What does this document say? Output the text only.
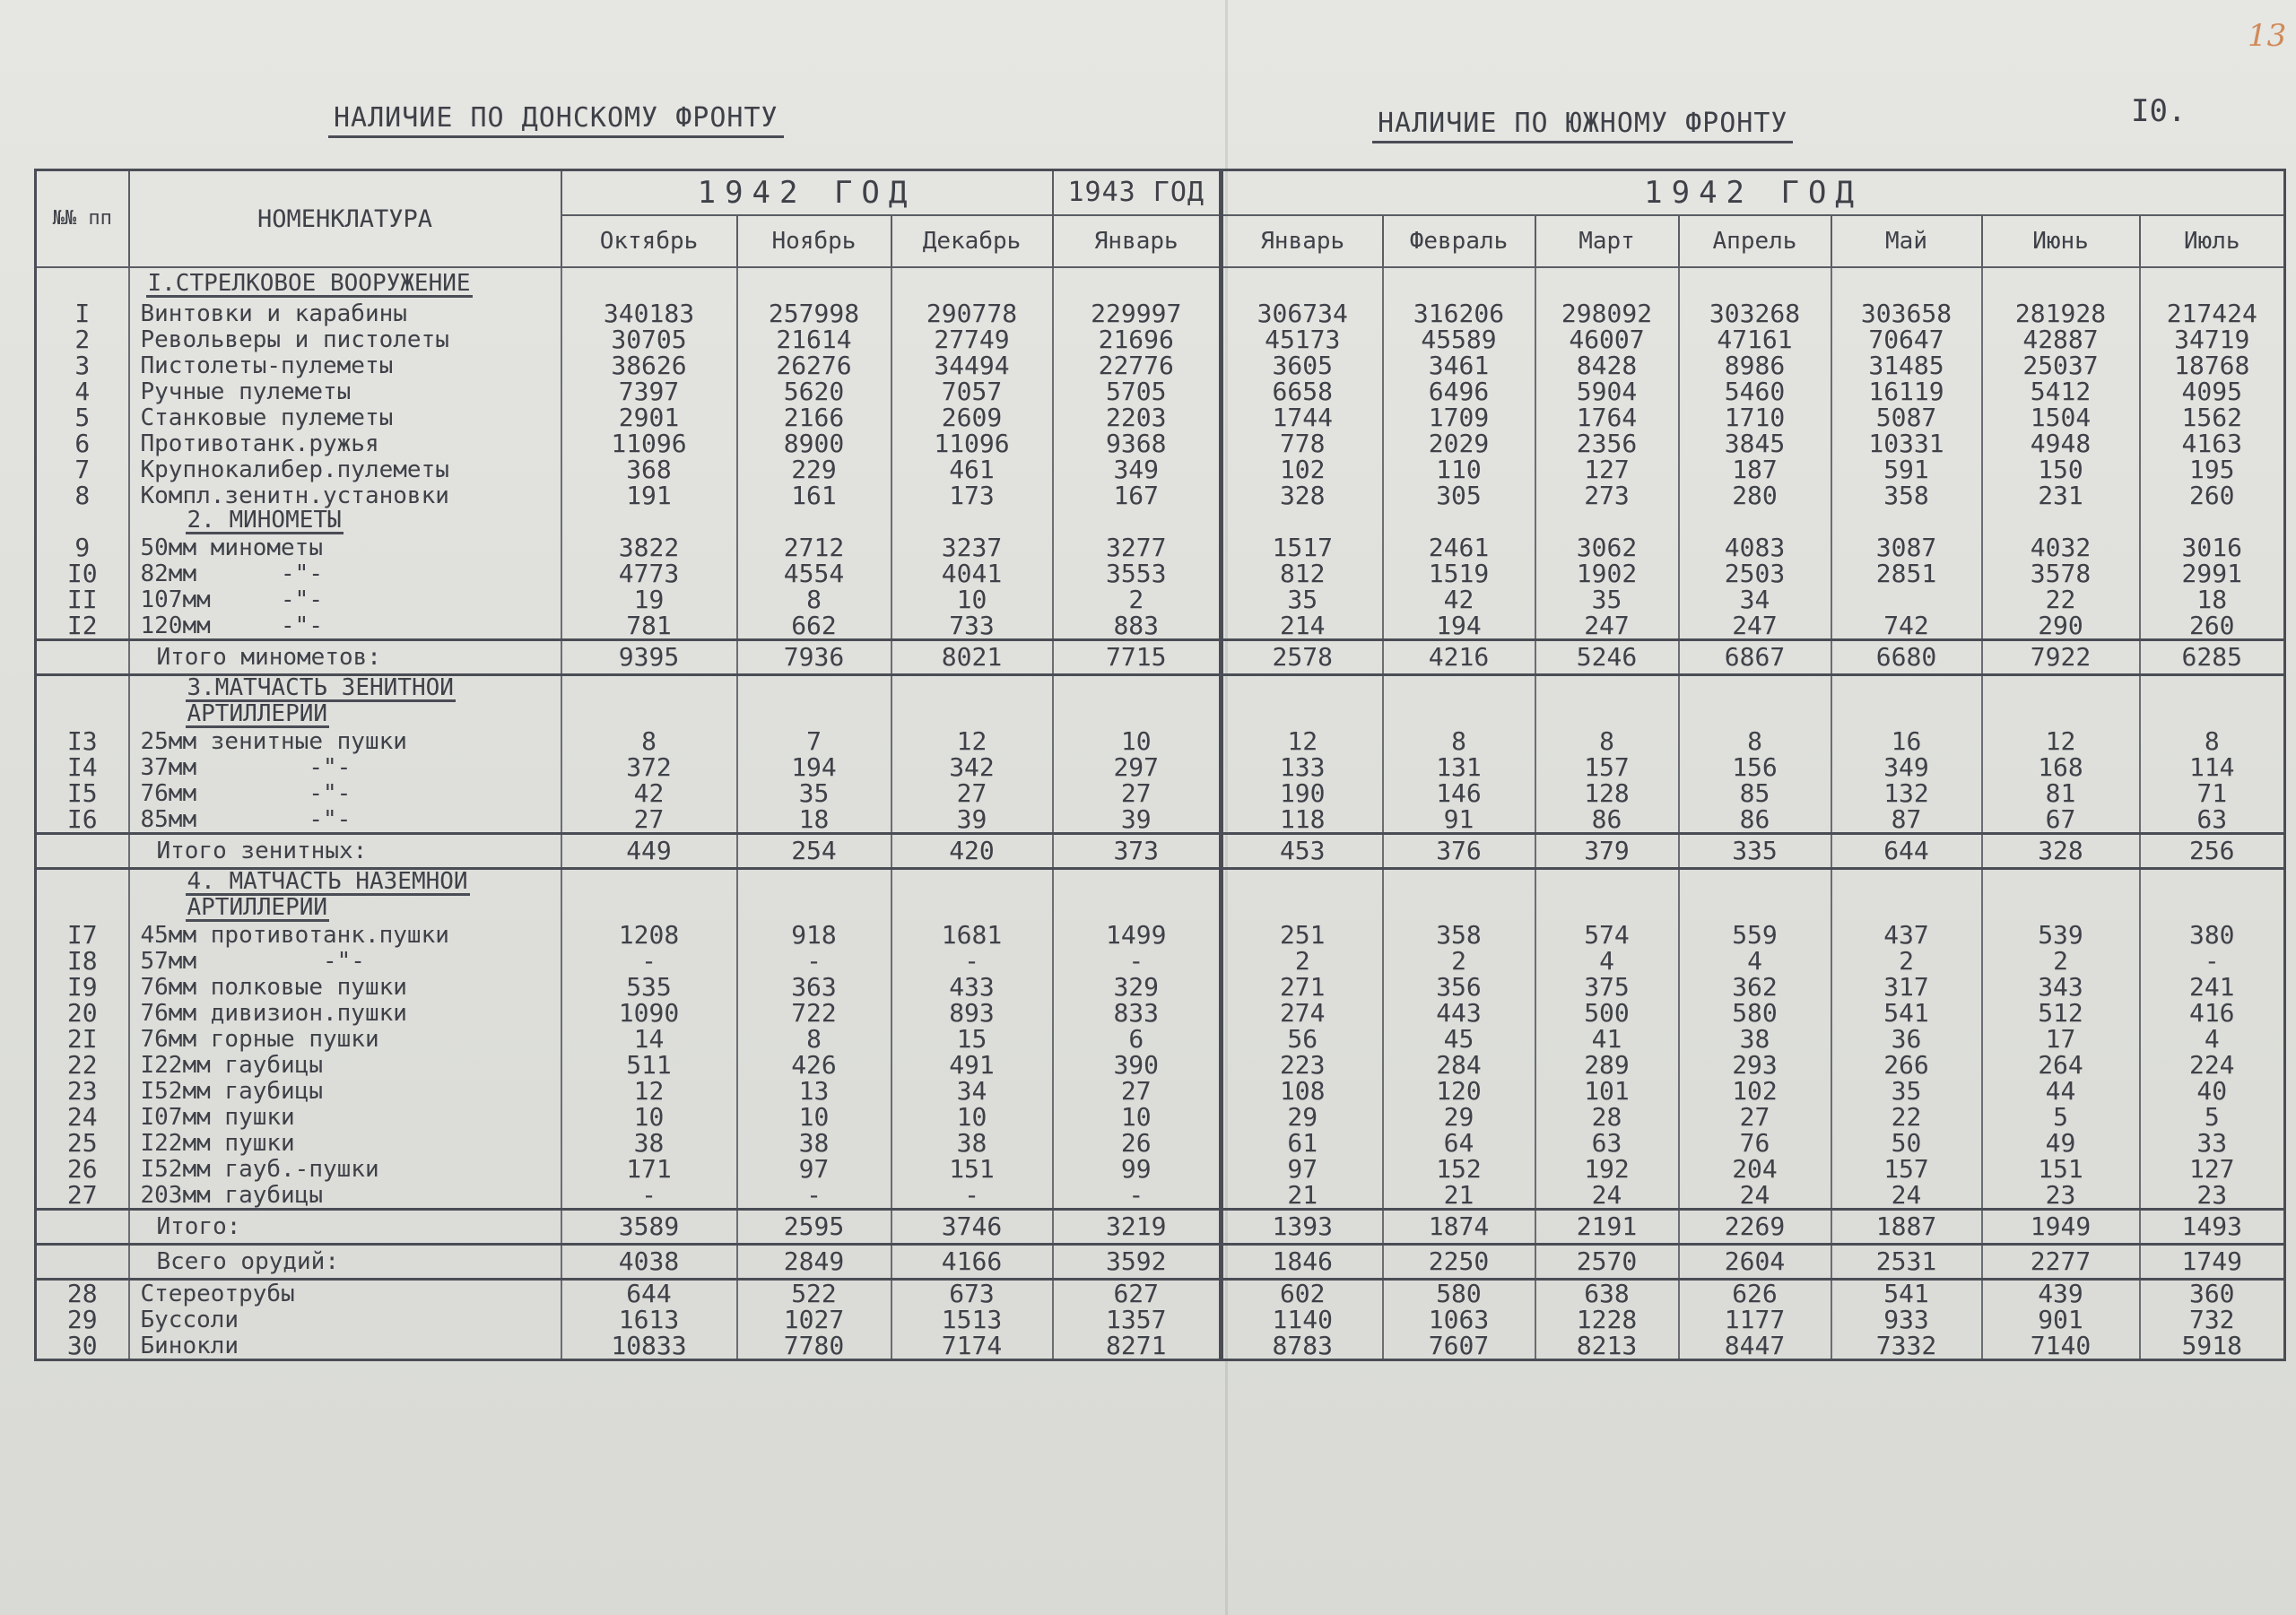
13
I0.
НАЛИЧИЕ ПО ДОНСКОМУ ФРОНТУ	НАЛИЧИЕ ПО ЮЖНОМУ ФРОНТУ
№№ пп	НОМЕНКЛАТУРА	1942 ГОД			1943 ГОД	1942 ГОД						
		Октябрь	Ноябрь	Декабрь	Январь	Январь	Февраль	Март	Апрель	Май	Июнь	Июль
	I.СТРЕЛКОВОЕ ВООРУЖЕНИЕ											
I	Винтовки и карабины	340183	257998	290778	229997	306734	316206	298092	303268	303658	281928	217424
2	Револьверы и пистолеты	30705	21614	27749	21696	45173	45589	46007	47161	70647	42887	34719
3	Пистолеты-пулеметы	38626	26276	34494	22776	3605	3461	8428	8986	31485	25037	18768
4	Ручные пулеметы	7397	5620	7057	5705	6658	6496	5904	5460	16119	5412	4095
5	Станковые пулеметы	2901	2166	2609	2203	1744	1709	1764	1710	5087	1504	1562
6	Противотанк.ружья	11096	8900	11096	9368	778	2029	2356	3845	10331	4948	4163
7	Крупнокалибер.пулеметы	368	229	461	349	102	110	127	187	591	150	195
8	Компл.зенитн.установки	191	161	173	167	328	305	273	280	358	231	260
	2. МИНОМЕТЫ											
9	50мм минометы	3822	2712	3237	3277	1517	2461	3062	4083	3087	4032	3016
I0	82мм      -"-	4773	4554	4041	3553	812	1519	1902	2503	2851	3578	2991
II	107мм     -"-	19	8	10	2	35	42	35	34		22	18
I2	120мм     -"-	781	662	733	883	214	194	247	247	742	290	260
	Итого минометов:	9395	7936	8021	7715	2578	4216	5246	6867	6680	7922	6285
	3.МАТЧАСТЬ ЗЕНИТНОЙ											
	АРТИЛЛЕРИИ											
I3	25мм зенитные пушки	8	7	12	10	12	8	8	8	16	12	8
I4	37мм        -"-	372	194	342	297	133	131	157	156	349	168	114
I5	76мм        -"-	42	35	27	27	190	146	128	85	132	81	71
I6	85мм        -"-	27	18	39	39	118	91	86	86	87	67	63
	Итого зенитных:	449	254	420	373	453	376	379	335	644	328	256
	4. МАТЧАСТЬ НАЗЕМНОЙ											
	АРТИЛЛЕРИИ											
I7	45мм противотанк.пушки	1208	918	1681	1499	251	358	574	559	437	539	380
I8	57мм         -"-	-	-	-	-	2	2	4	4	2	2	-
I9	76мм полковые пушки	535	363	433	329	271	356	375	362	317	343	241
20	76мм дивизион.пушки	1090	722	893	833	274	443	500	580	541	512	416
2I	76мм горные пушки	14	8	15	6	56	45	41	38	36	17	4
22	I22мм гаубицы	511	426	491	390	223	284	289	293	266	264	224
23	I52мм гаубицы	12	13	34	27	108	120	101	102	35	44	40
24	I07мм пушки	10	10	10	10	29	29	28	27	22	5	5
25	I22мм пушки	38	38	38	26	61	64	63	76	50	49	33
26	I52мм гауб.-пушки	171	97	151	99	97	152	192	204	157	151	127
27	203мм гаубицы	-	-	-	-	21	21	24	24	24	23	23
	Итого:	3589	2595	3746	3219	1393	1874	2191	2269	1887	1949	1493
	Всего орудий:	4038	2849	4166	3592	1846	2250	2570	2604	2531	2277	1749
28	Стереотрубы	644	522	673	627	602	580	638	626	541	439	360
29	Буссоли	1613	1027	1513	1357	1140	1063	1228	1177	933	901	732
30	Бинокли	10833	7780	7174	8271	8783	7607	8213	8447	7332	7140	5918
